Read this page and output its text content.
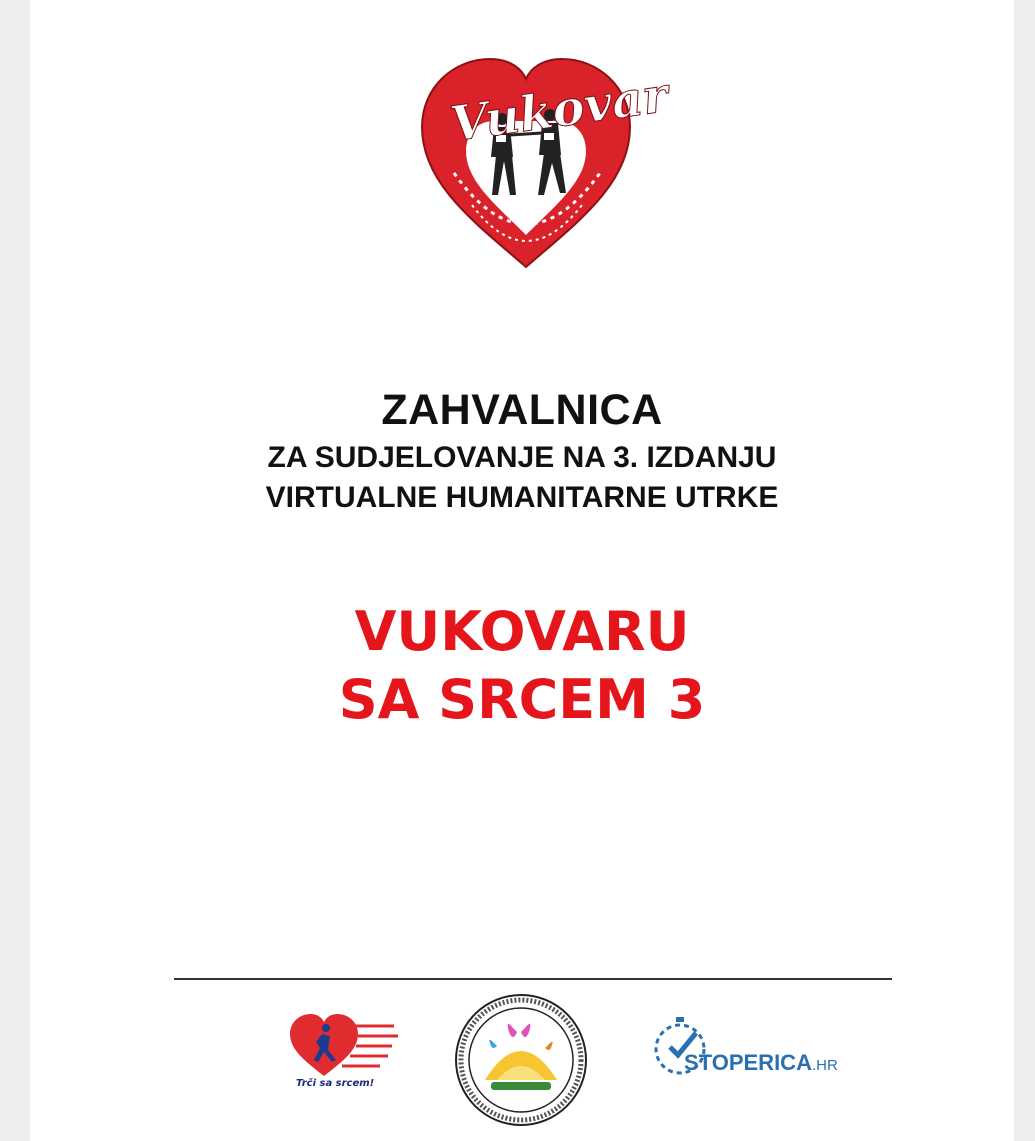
Vukovar
ZAHVALNICA
ZA SUDJELOVANJE NA 3. IZDANJU
VIRTUALNE HUMANITARNE UTRKE
VUKOVARU
SA SRCEM 3
Trči sa srcem!
STOPERICA.HR
